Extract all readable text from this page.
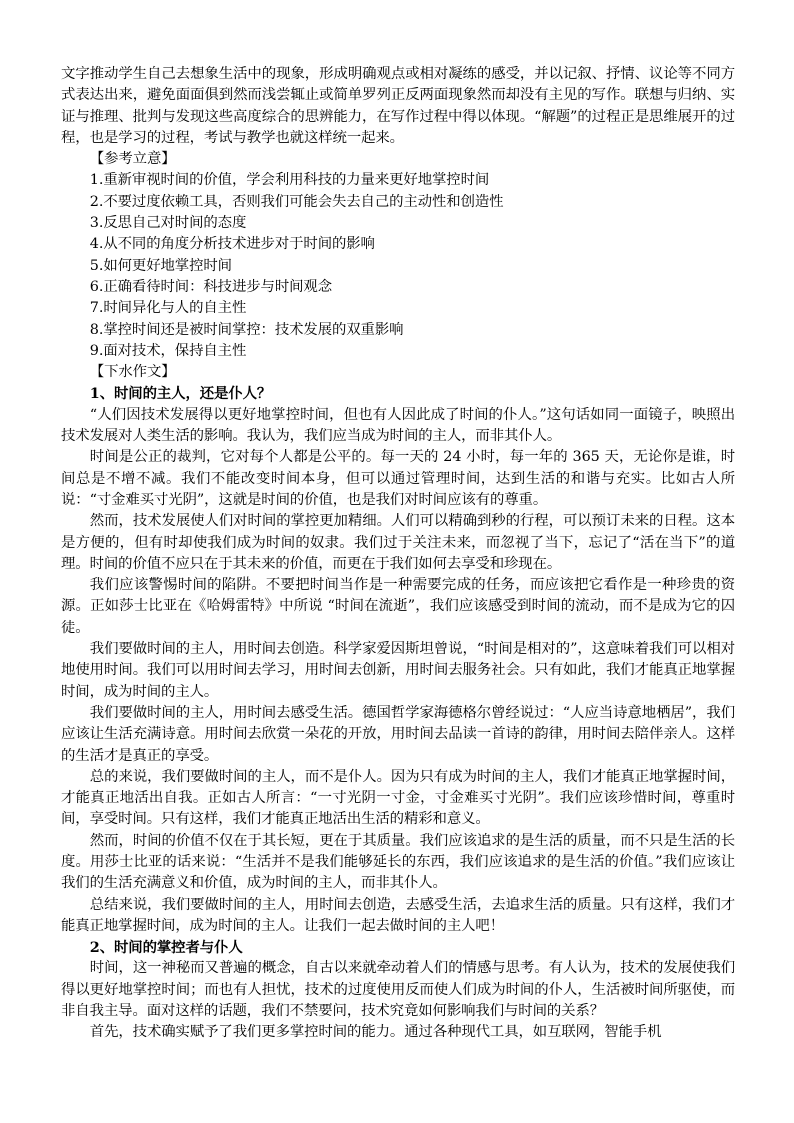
文字推动学生自己去想象生活中的现象，形成明确观点或相对凝练的感受，并以记叙、抒情、议论等不同方式表达出来，避免面面俱到然而浅尝辄止或简单罗列正反两面现象然而却没有主见的写作。联想与归纳、实证与推理、批判与发现这些高度综合的思辨能力，在写作过程中得以体现。“解题”的过程正是思维展开的过程，也是学习的过程，考试与教学也就这样统一起来。

【参考立意】

1.重新审视时间的价值，学会利用科技的力量来更好地掌控时间

2.不要过度依赖工具，否则我们可能会失去自己的主动性和创造性

3.反思自己对时间的态度

4.从不同的角度分析技术进步对于时间的影响

5.如何更好地掌控时间

6.正确看待时间：科技进步与时间观念

7.时间异化与人的自主性

8.掌控时间还是被时间掌控：技术发展的双重影响

9.面对技术，保持自主性

【下水作文】

1、时间的主人，还是仆人？

“人们因技术发展得以更好地掌控时间，但也有人因此成了时间的仆人。”这句话如同一面镜子，映照出技术发展对人类生活的影响。我认为，我们应当成为时间的主人，而非其仆人。

时间是公正的裁判，它对每个人都是公平的。每一天的 24 小时，每一年的 365 天，无论你是谁，时间总是不增不减。我们不能改变时间本身，但可以通过管理时间，达到生活的和谐与充实。比如古人所说：“寸金难买寸光阴”，这就是时间的价值，也是我们对时间应该有的尊重。

然而，技术发展使人们对时间的掌控更加精细。人们可以精确到秒的行程，可以预订未来的日程。这本是方便的，但有时却使我们成为时间的奴隶。我们过于关注未来，而忽视了当下，忘记了“活在当下”的道理。时间的价值不应只在于其未来的价值，而更在于我们如何去享受和珍现在。

我们应该警惕时间的陷阱。不要把时间当作是一种需要完成的任务，而应该把它看作是一种珍贵的资源。正如莎士比亚在《哈姆雷特》中所说 “时间在流逝”，我们应该感受到时间的流动，而不是成为它的囚徒。

我们要做时间的主人，用时间去创造。科学家爱因斯坦曾说，“时间是相对的”，这意味着我们可以相对地使用时间。我们可以用时间去学习，用时间去创新，用时间去服务社会。只有如此，我们才能真正地掌握时间，成为时间的主人。

我们要做时间的主人，用时间去感受生活。德国哲学家海德格尔曾经说过：“人应当诗意地栖居”，我们应该让生活充满诗意。用时间去欣赏一朵花的开放，用时间去品读一首诗的韵律，用时间去陪伴亲人。这样的生活才是真正的享受。

总的来说，我们要做时间的主人，而不是仆人。因为只有成为时间的主人，我们才能真正地掌握时间，才能真正地活出自我。正如古人所言：“一寸光阴一寸金，寸金难买寸光阴”。我们应该珍惜时间，尊重时间，享受时间。只有这样，我们才能真正地活出生活的精彩和意义。

然而，时间的价值不仅在于其长短，更在于其质量。我们应该追求的是生活的质量，而不只是生活的长度。用莎士比亚的话来说：“生活并不是我们能够延长的东西，我们应该追求的是生活的价值。”我们应该让我们的生活充满意义和价值，成为时间的主人，而非其仆人。

总结来说，我们要做时间的主人，用时间去创造，去感受生活，去追求生活的质量。只有这样，我们才能真正地掌握时间，成为时间的主人。让我们一起去做时间的主人吧！

2、时间的掌控者与仆人

时间，这一神秘而又普遍的概念，自古以来就牵动着人们的情感与思考。有人认为，技术的发展使我们得以更好地掌控时间；而也有人担忧，技术的过度使用反而使人们成为时间的仆人，生活被时间所驱使，而非自我主导。面对这样的话题，我们不禁要问，技术究竟如何影响我们与时间的关系？

首先，技术确实赋予了我们更多掌控时间的能力。通过各种现代工具，如互联网，智能手机
